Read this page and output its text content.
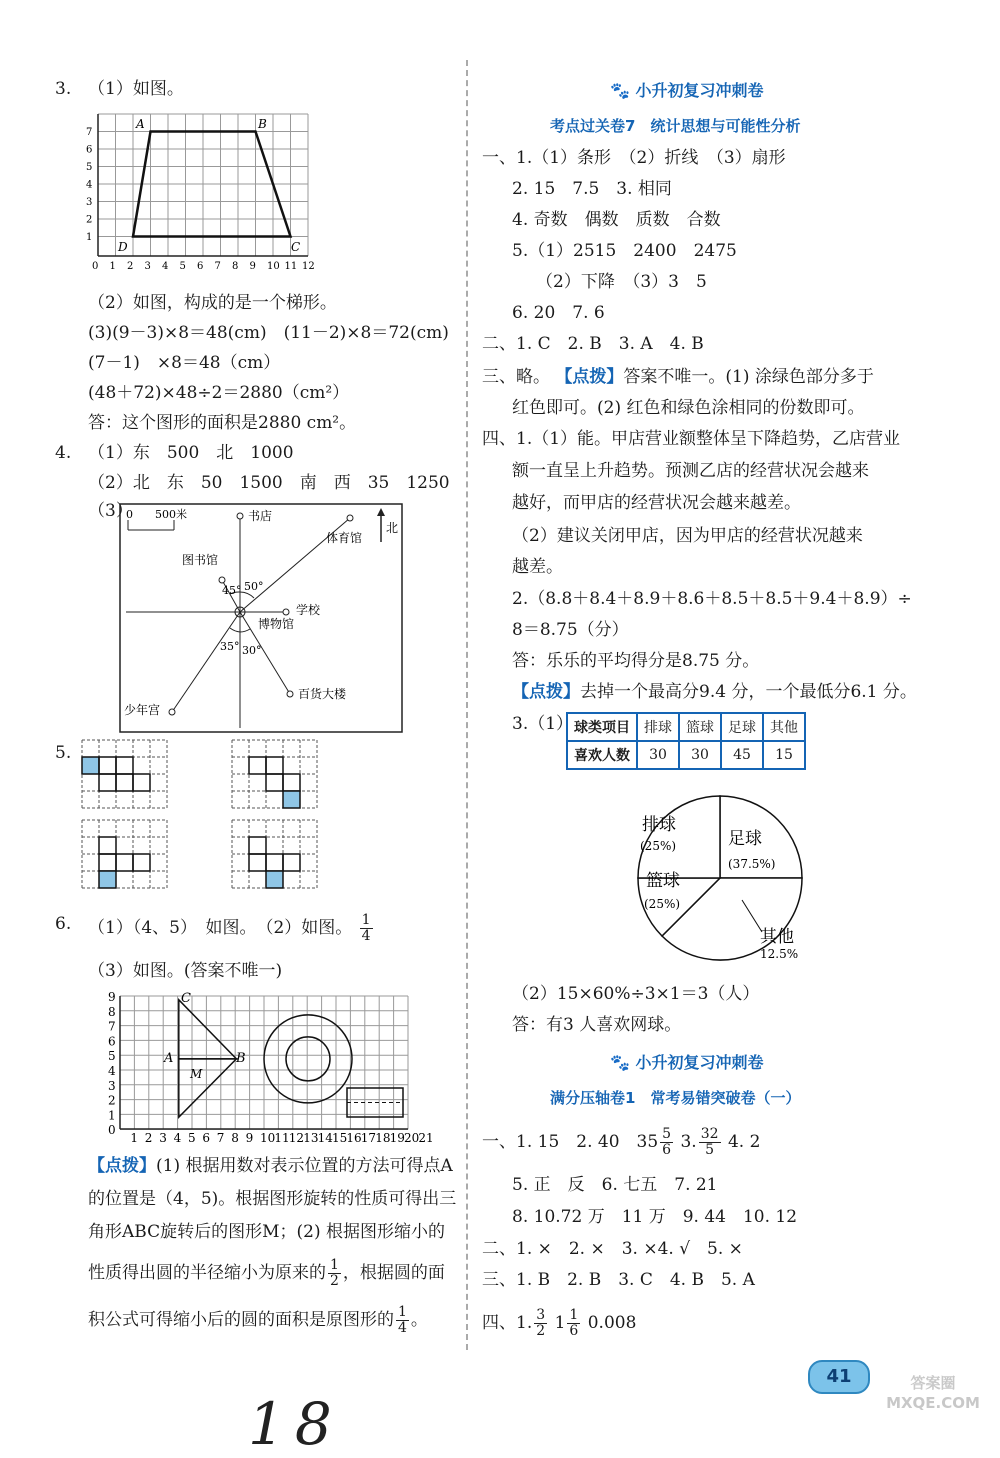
3. （1）如图。
A	B
D	C
0 1 2 3 4 5 6 7 8 9 10 11 12
1
2
3
4
5
6
7
（2）如图，构成的是一个梯形。
(3)(9－3)×8＝48(cm)　(11－2)×8＝72(cm)
(7－1)　×8＝48（cm）
(48＋72)×48÷2＝2880（cm²）
答：这个图形的面积是2880 cm²。
4. （1）东　500　北　1000
（2）北　东　50　1500　南　西　35　1250
（3）
0　　500米
北
书店
体育馆
图书馆
学校
博物馆
百货大楼
少年宫
45° 50°
35° 30°
5.
6. （1）（4、5）　如图。　（2）如图。 $\frac{1}{4}$
（3）如图。(答案不唯一)
C
A	B
M
1 2 3 4 5 6 7 8 9 10 11 12 13 14 15 16 17 18 19 20 21
0
1
2
3
4
5
6
7
8
9
【点拨】(1) 根据用数对表示位置的方法可得点A
的位置是（4，5)。根据图形旋转的性质可得出三
角形ABC旋转后的图形M；(2) 根据图形缩小的
性质得出圆的半径缩小为原来的 $\frac{1}{2}$ ，根据圆的面
积公式可得缩小后的圆的面积是原图形的 $\frac{1}{4}$ 。
🐾 小升初复习冲刺卷
考点过关卷7　统计思想与可能性分析
一、1.（1）条形　（2）折线　（3）扇形
2. 15　7.5　3. 相同
4. 奇数　偶数　质数　合数
5.（1）2515　2400　2475
（2）下降　（3）3　5
6. 20　7. 6
二、1. C　2. B　3. A　4. B
三、略。 【点拨】答案不唯一。(1) 涂绿色部分多于
红色即可。(2) 红色和绿色涂相同的份数即可。
四、1.（1）能。甲店营业额整体呈下降趋势，乙店营业
额一直呈上升趋势。预测乙店的经营状况会越来
越好，而甲店的经营状况会越来越差。
（2）建议关闭甲店，因为甲店的经营状况越来
越差。
2.（8.8＋8.4＋8.9＋8.6＋8.5＋8.5＋9.4＋8.9）÷
8＝8.75（分）
答：乐乐的平均得分是8.75 分。
【点拨】去掉一个最高分9.4 分，一个最低分6.1 分。
3.（1） 球类项目	排球	篮球	足球	其他
喜欢人数	30	30	45	15
排球
(25%)	足球
(37.5%)
篮球
(25%)
其他
12.5%
（2）15×60%÷3×1＝3（人）
答：有3 人喜欢网球。
🐾 小升初复习冲刺卷
满分压轴卷1　常考易错突破卷（一）
一、1. 15　2. 40　$35 \frac{5}{6} 3$. $\frac{32}{5} 4$. 2
5. 正　反　6. 七五　7. 21
8. 10.72 万　11 万　9. 44　10. 12
二、1. ×　2. ×　3. ×4. √　5. ×
三、1. B　2. B　3. C　4. B　5. A
四、1. $\frac{3}{2} 1 \frac{1}{6} 0.008$
41
18
答案圈 MXQE.COM
